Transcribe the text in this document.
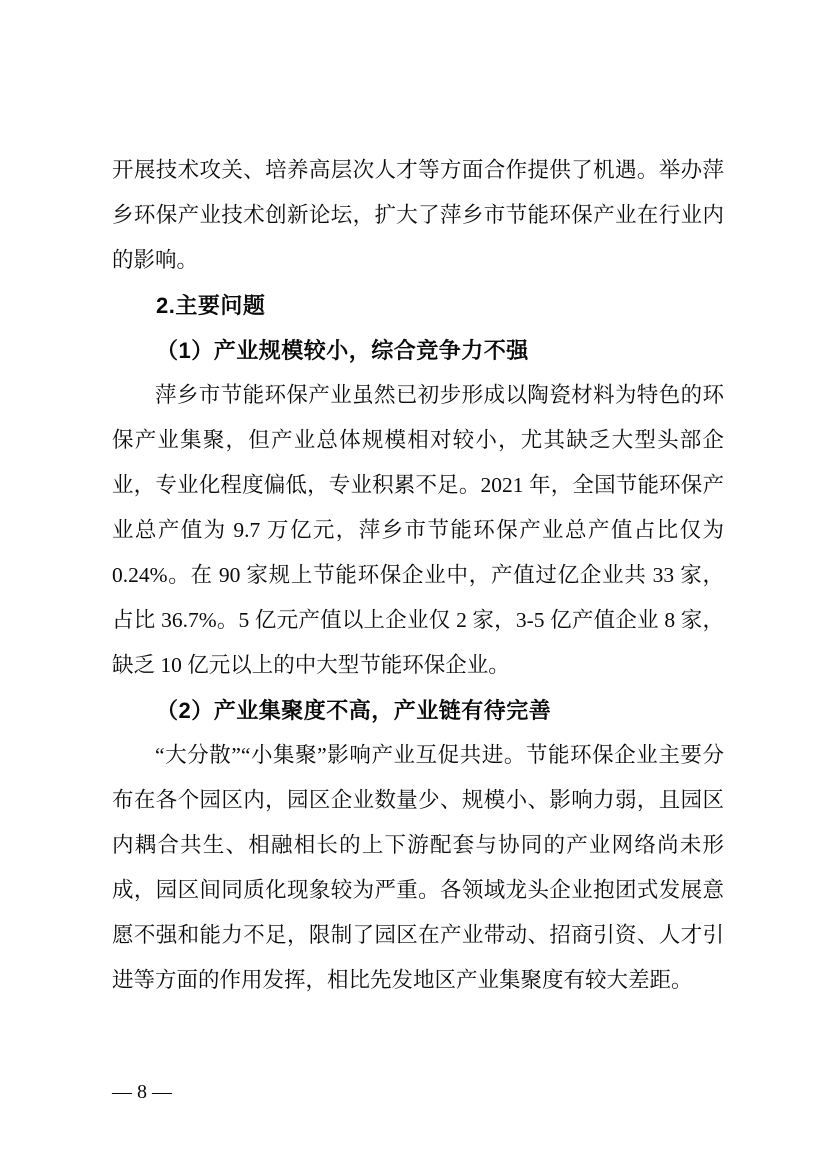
开展技术攻关、培养高层次人才等方面合作提供了机遇。举办萍乡环保产业技术创新论坛，扩大了萍乡市节能环保产业在行业内的影响。

2.主要问题

（1）产业规模较小，综合竞争力不强

萍乡市节能环保产业虽然已初步形成以陶瓷材料为特色的环保产业集聚，但产业总体规模相对较小，尤其缺乏大型头部企业，专业化程度偏低，专业积累不足。2021 年，全国节能环保产业总产值为 9.7 万亿元，萍乡市节能环保产业总产值占比仅为0.24%。在 90 家规上节能环保企业中，产值过亿企业共 33 家，占比 36.7%。5 亿元产值以上企业仅 2 家，3-5 亿产值企业 8 家，缺乏 10 亿元以上的中大型节能环保企业。

（2）产业集聚度不高，产业链有待完善

“大分散”“小集聚”影响产业互促共进。节能环保企业主要分布在各个园区内，园区企业数量少、规模小、影响力弱，且园区内耦合共生、相融相长的上下游配套与协同的产业网络尚未形成，园区间同质化现象较为严重。各领域龙头企业抱团式发展意愿不强和能力不足，限制了园区在产业带动、招商引资、人才引进等方面的作用发挥，相比先发地区产业集聚度有较大差距。

— 8 —
